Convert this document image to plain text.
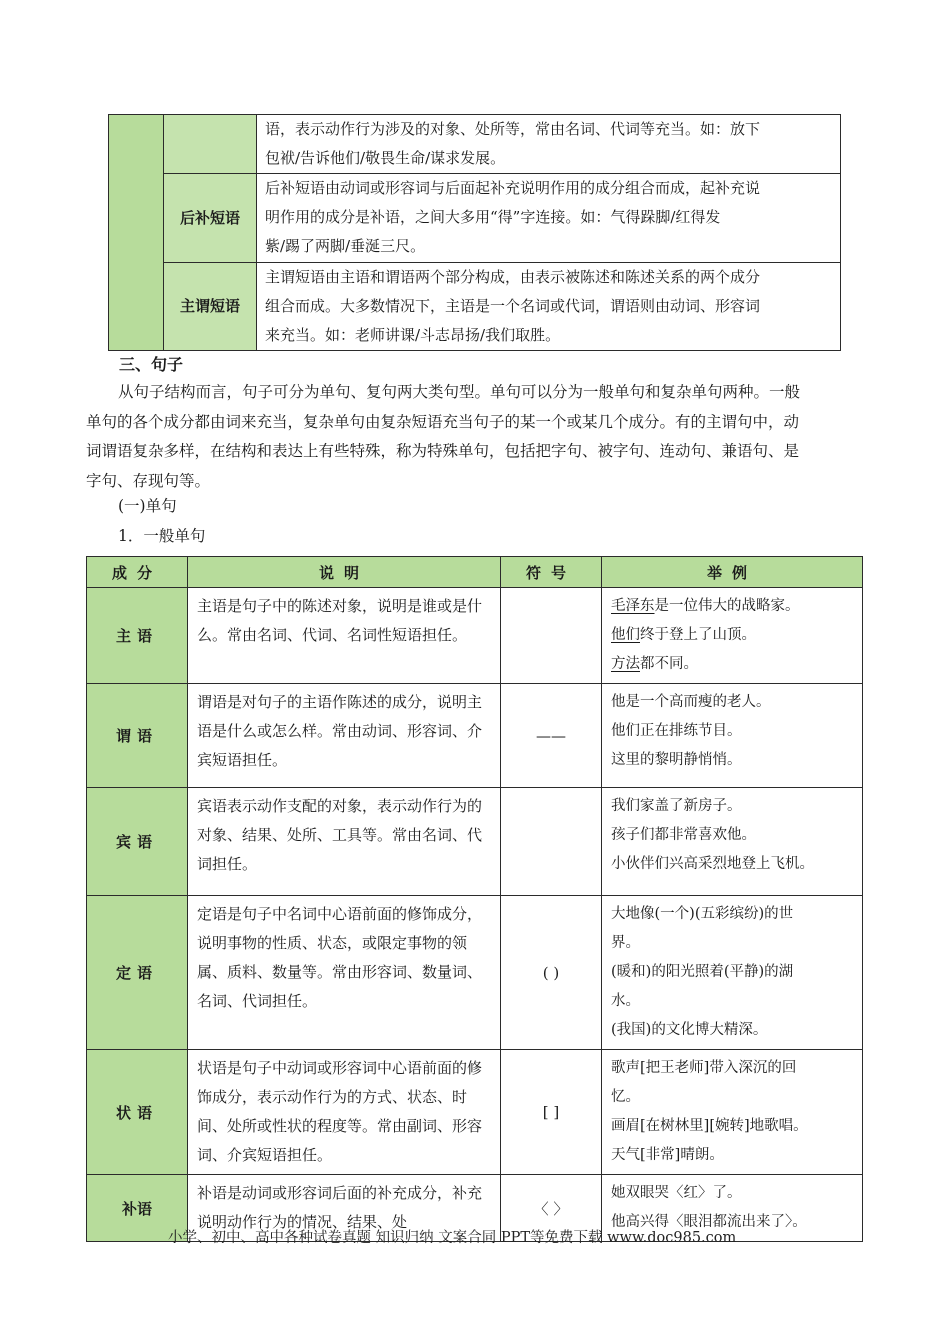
		语，表示动作行为涉及的对象、处所等，常由名词、代词等充当。如：放下
包袱/告诉他们/敬畏生命/谋求发展。

	后补短语	后补短语由动词或形容词与后面起补充说明作用的成分组合而成，起补充说
明作用的成分是补语，之间大多用“得”字连接。如：气得跺脚/红得发
紫/踢了两脚/垂涎三尺。

	主谓短语	主谓短语由主语和谓语两个部分构成，由表示被陈述和陈述关系的两个成分
组合而成。大多数情况下，主语是一个名词或代词，谓语则由动词、形容词
来充当。如：老师讲课/斗志昂扬/我们取胜。
三、句子
从句子结构而言，句子可分为单句、复句两大类句型。单句可以分为一般单句和复杂单句两种。一般
单句的各个成分都由词来充当，复杂单句由复杂短语充当句子的某一个或某几个成分。有的主谓句中，动
词谓语复杂多样，在结构和表达上有些特殊，称为特殊单句，包括把字句、被字句、连动句、兼语句、是
字句、存现句等。
(一)单句
1．一般单句
成分	说明	符号	举例
主语	主语是句子中的陈述对象，说明是谁或是什么。常由名词、代词、名词性短语担任。		毛泽东是一位伟大的战略家。
他们终于登上了山顶。
方法都不同。

谓语	谓语是对句子的主语作陈述的成分，说明主语是什么或怎么样。常由动词、形容词、介宾短语担任。	——	他是一个高而瘦的老人。
他们正在排练节目。
这里的黎明静悄悄。

宾语	宾语表示动作支配的对象，表示动作行为的对象、结果、处所、工具等。常由名词、代词担任。		我们家盖了新房子。
孩子们都非常喜欢他。
小伙伴们兴高采烈地登上飞机。

定语	定语是句子中名词中心语前面的修饰成分，说明事物的性质、状态，或限定事物的领属、质料、数量等。常由形容词、数量词、名词、代词担任。	( )	大地像(一个)(五彩缤纷)的世
界。
(暖和)的阳光照着(平静)的湖
水。
(我国)的文化博大精深。

状语	状语是句子中动词或形容词中心语前面的修饰成分，表示动作行为的方式、状态、时间、处所或性状的程度等。常由副词、形容词、介宾短语担任。	[ ]	歌声[把王老师]带入深沉的回
忆。
画眉[在树林里][婉转]地歌唱。
天气[非常]晴朗。

补语	补语是动词或形容词后面的补充成分，补充说明动作行为的情况、结果、处	〈 〉	她双眼哭〈红〉了。
他高兴得〈眼泪都流出来了〉。
小学、初中、高中各种试卷真题 知识归纳 文案合同 PPT等免费下载 www.doc985.com
